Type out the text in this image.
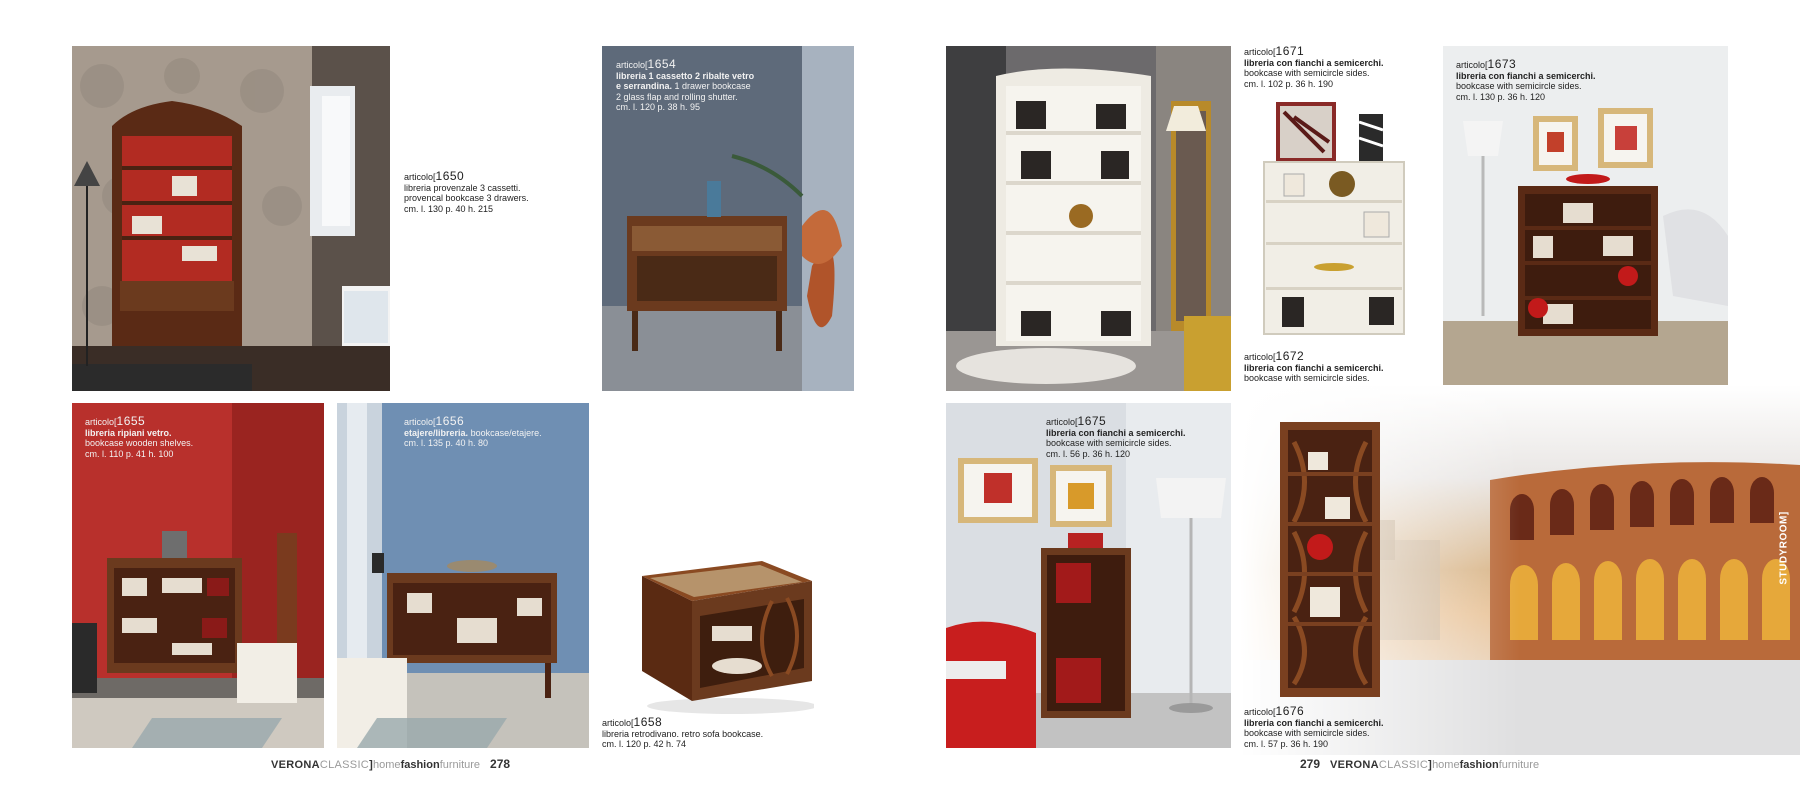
articolo[1650
libreria provenzale 3 cassetti.
provencal bookcase 3 drawers.
cm. l. 130 p. 40 h. 215
articolo[1654
libreria 1 cassetto 2 ribalte vetro
e serrandina. 1 drawer bookcase
2 glass flap and rolling shutter.
cm. l. 120 p. 38 h. 95
articolo[1655
libreria ripiani vetro.
bookcase wooden shelves.
cm. l. 110 p. 41 h. 100
articolo[1656
etajere/libreria. bookcase/etajere.
cm. l. 135 p. 40 h. 80
articolo[1658
libreria retrodivano. retro sofa bookcase.
cm. l. 120 p. 42 h. 74
VERONACLASSIC]homefashionfurniture 278
articolo[1671
libreria con fianchi a semicerchi.
bookcase with semicircle sides.
cm. l. 102 p. 36 h. 190
articolo[1672
libreria con fianchi a semicerchi.
bookcase with semicircle sides.
articolo[1673
libreria con fianchi a semicerchi.
bookcase with semicircle sides.
cm. l. 130 p. 36 h. 120
articolo[1675
libreria con fianchi a semicerchi.
bookcase with semicircle sides.
cm. l. 56 p. 36 h. 120
articolo[1676
libreria con fianchi a semicerchi.
bookcase with semicircle sides.
cm. l. 57 p. 36 h. 190
STUDYROOM]
279 VERONACLASSIC]homefashionfurniture
